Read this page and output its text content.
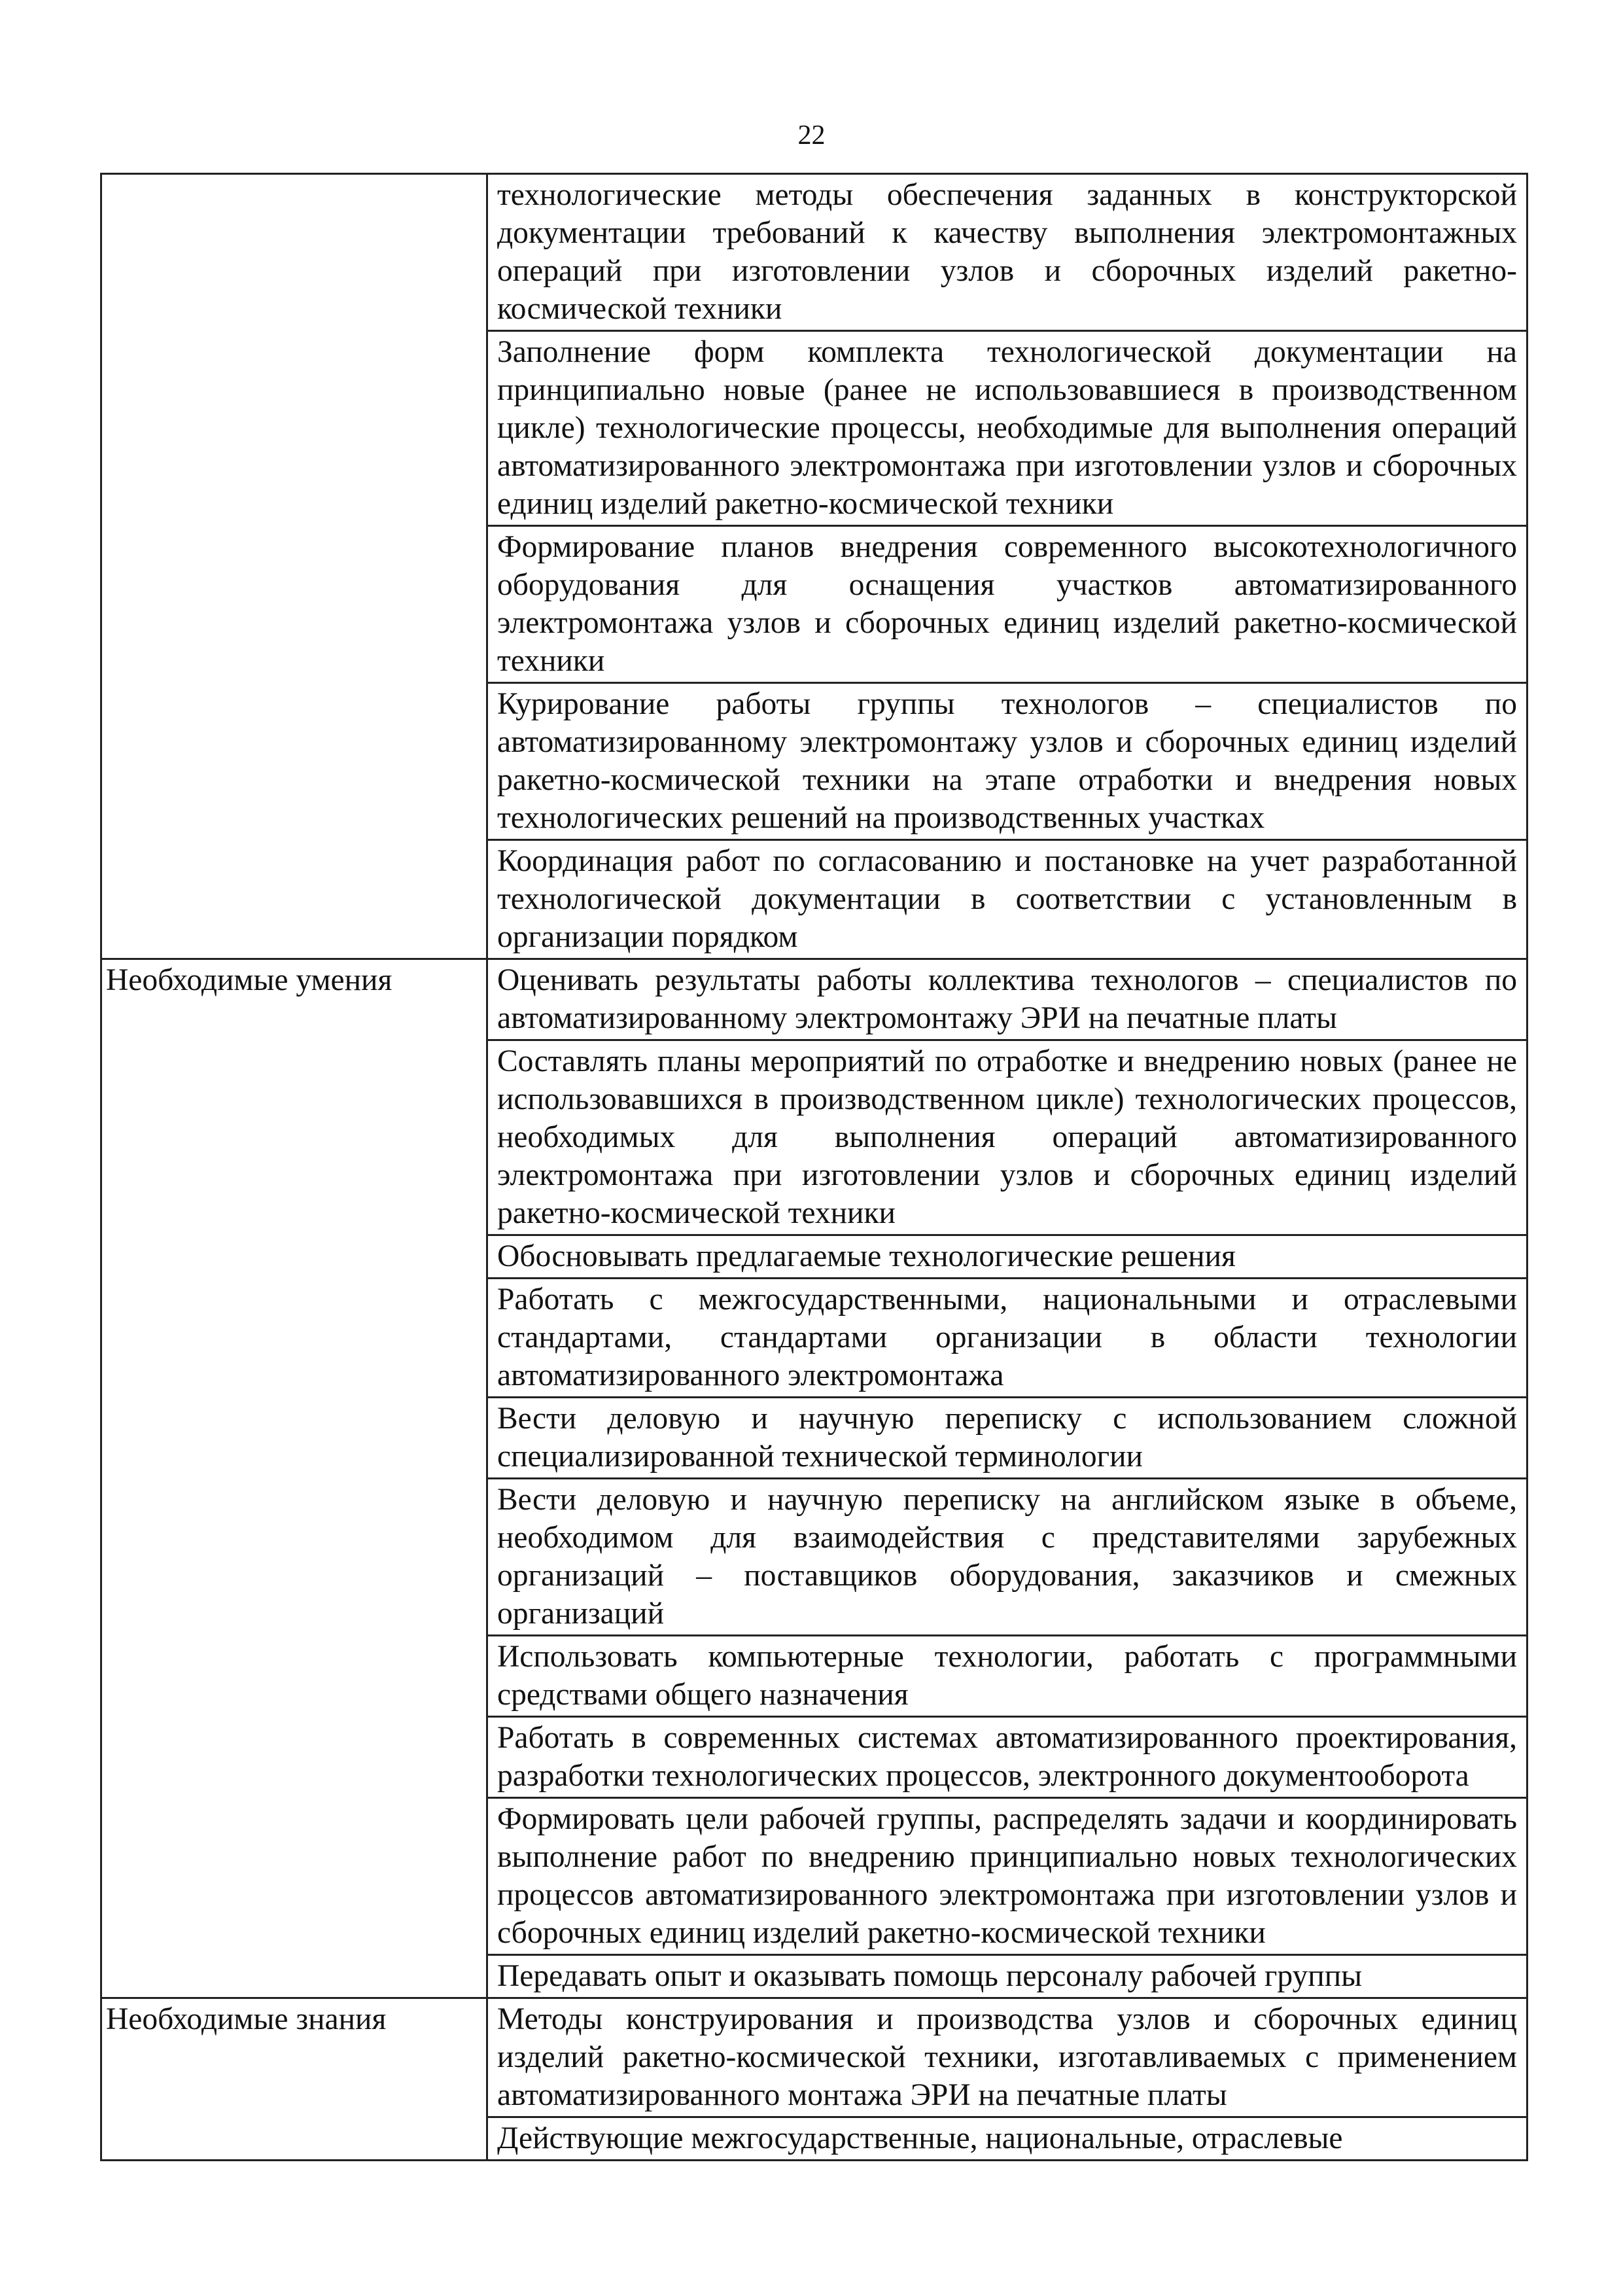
22
	технологические методы обеспечения заданных в конструкторской документации требований к качеству выполнения электромонтажных операций при изготовлении узлов и сборочных изделий ракетно-космической техники
	Заполнение форм комплекта технологической документации на принципиально новые (ранее не использовавшиеся в производственном цикле) технологические процессы, необходимые для выполнения операций автоматизированного электромонтажа при изготовлении узлов и сборочных единиц изделий ракетно-космической техники
	Формирование планов внедрения современного высокотехнологичного оборудования для оснащения участков автоматизированного электромонтажа узлов и сборочных единиц изделий ракетно-космической техники
	Курирование работы группы технологов – специалистов по автоматизированному электромонтажу узлов и сборочных единиц изделий ракетно-космической техники на этапе отработки и внедрения новых технологических решений на производственных участках
	Координация работ по согласованию и постановке на учет разработанной технологической документации в соответствии с установленным в организации порядком
Необходимые умения	Оценивать результаты работы коллектива технологов – специалистов по автоматизированному электромонтажу ЭРИ на печатные платы
	Составлять планы мероприятий по отработке и внедрению новых (ранее не использовавшихся в производственном цикле) технологических процессов, необходимых для выполнения операций автоматизированного электромонтажа при изготовлении узлов и сборочных единиц изделий ракетно-космической техники
	Обосновывать предлагаемые технологические решения
	Работать с межгосударственными, национальными и отраслевыми стандартами, стандартами организации в области технологии автоматизированного электромонтажа
	Вести деловую и научную переписку с использованием сложной специализированной технической терминологии
	Вести деловую и научную переписку на английском языке в объеме, необходимом для взаимодействия с представителями зарубежных организаций – поставщиков оборудования, заказчиков и смежных организаций
	Использовать компьютерные технологии, работать с программными средствами общего назначения
	Работать в современных системах автоматизированного проектирования, разработки технологических процессов, электронного документооборота
	Формировать цели рабочей группы, распределять задачи и координировать выполнение работ по внедрению принципиально новых технологических процессов автоматизированного электромонтажа при изготовлении узлов и сборочных единиц изделий ракетно-космической техники
	Передавать опыт и оказывать помощь персоналу рабочей группы
Необходимые знания	Методы конструирования и производства узлов и сборочных единиц изделий ракетно-космической техники, изготавливаемых с применением автоматизированного монтажа ЭРИ на печатные платы
	Действующие межгосударственные, национальные, отраслевые
